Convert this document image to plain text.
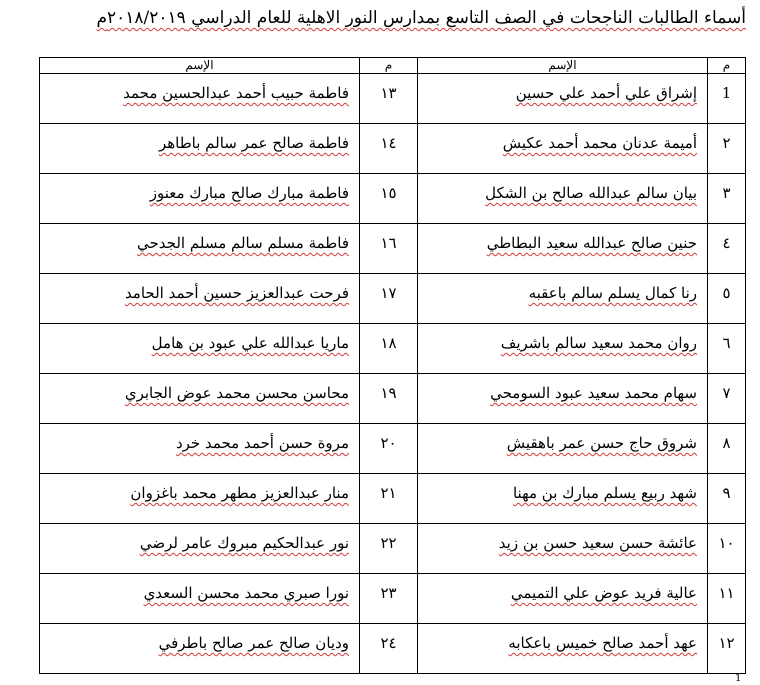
أسماء الطالبات الناجحات في الصف التاسع بمدارس النور الاهلية للعام الدراسي ٢٠١٨/٢٠١٩م
م	الإسم	م	الإسم
1	إشراق علي أحمد علي حسين	١٣	فاطمة حبيب أحمد عبدالحسين محمد
٢	أميمة عدنان محمد أحمد عكيش	١٤	فاطمة صالح عمر سالم باطاهر
٣	بيان سالم عبدالله صالح بن الشكل	١٥	فاطمة مبارك صالح مبارك معنوز
٤	حنين صالح عبدالله سعيد البطاطي	١٦	فاطمة مسلم سالم مسلم الجدحي
٥	رنا كمال يسلم سالم باعقبه	١٧	فرحت عبدالعزيز حسين أحمد الحامد
٦	روان محمد سعيد سالم باشريف	١٨	ماريا عبدالله علي عبود بن هامل
٧	سهام محمد سعيد عبود السومحي	١٩	محاسن محسن محمد عوض الجابري
٨	شروق حاج حسن عمر باهقيش	٢٠	مروة حسن أحمد محمد خرد
٩	شهد ربيع يسلم مبارك بن مهنا	٢١	منار عبدالعزيز مطهر محمد باغزوان
١٠	عائشة حسن سعيد حسن بن زيد	٢٢	نور عبدالحكيم مبروك عامر لرضي
١١	عالية فريد عوض علي التميمي	٢٣	نورا صبري محمد محسن السعدي
١٢	عهد أحمد صالح خميس باعكابه	٢٤	وديان صالح عمر صالح باطرفي
1
